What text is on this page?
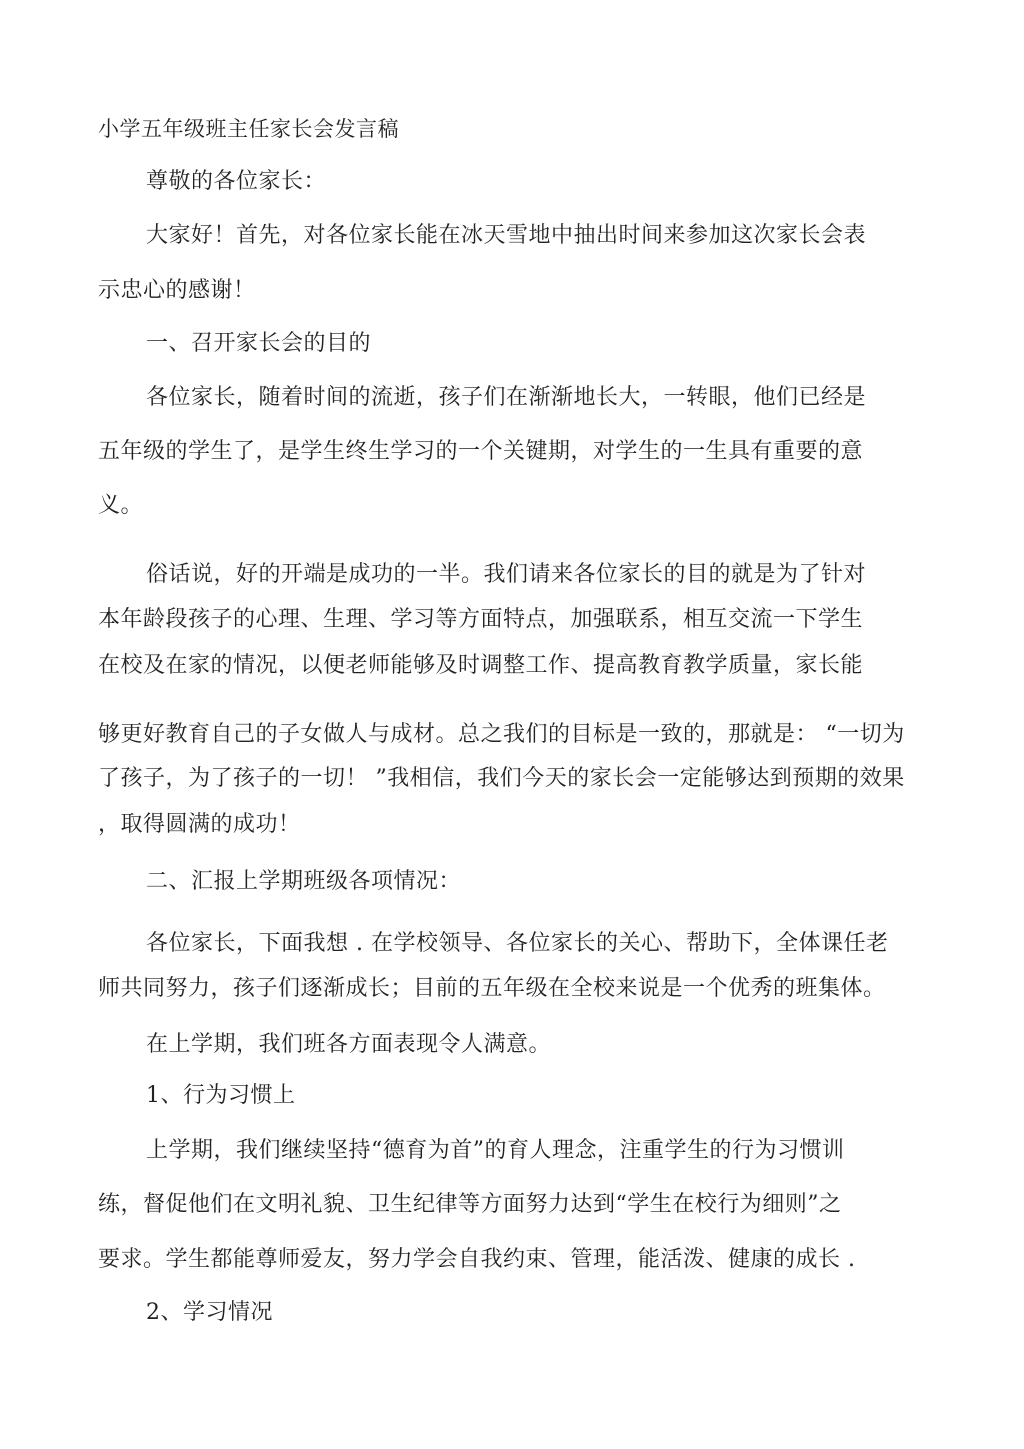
小学五年级班主任家长会发言稿
尊敬的各位家长：
大家好！首先，对各位家长能在冰天雪地中抽出时间来参加这次家长会表
示忠心的感谢！
一、召开家长会的目的
各位家长，随着时间的流逝，孩子们在渐渐地长大，一转眼，他们已经是
五年级的学生了，是学生终生学习的一个关键期，对学生的一生具有重要的意
义。
俗话说，好的开端是成功的一半。我们请来各位家长的目的就是为了针对
本年龄段孩子的心理、生理、学习等方面特点，加强联系，相互交流一下学生
在校及在家的情况，以便老师能够及时调整工作、提高教育教学质量，家长能
够更好教育自己的子女做人与成材。总之我们的目标是一致的，那就是： “一切为
了孩子，为了孩子的一切！ ”我相信，我们今天的家长会一定能够达到预期的效果
，取得圆满的成功！
二、汇报上学期班级各项情况：
各位家长，下面我想 . 在学校领导、各位家长的关心、帮助下，全体课任老
师共同努力，孩子们逐渐成长；目前的五年级在全校来说是一个优秀的班集体。
在上学期，我们班各方面表现令人满意。
1、行为习惯上
上学期，我们继续坚持“德育为首”的育人理念，注重学生的行为习惯训
练，督促他们在文明礼貌、卫生纪律等方面努力达到“学生在校行为细则”之
要求。学生都能尊师爱友，努力学会自我约束、管理，能活泼、健康的成长 .
2、学习情况
